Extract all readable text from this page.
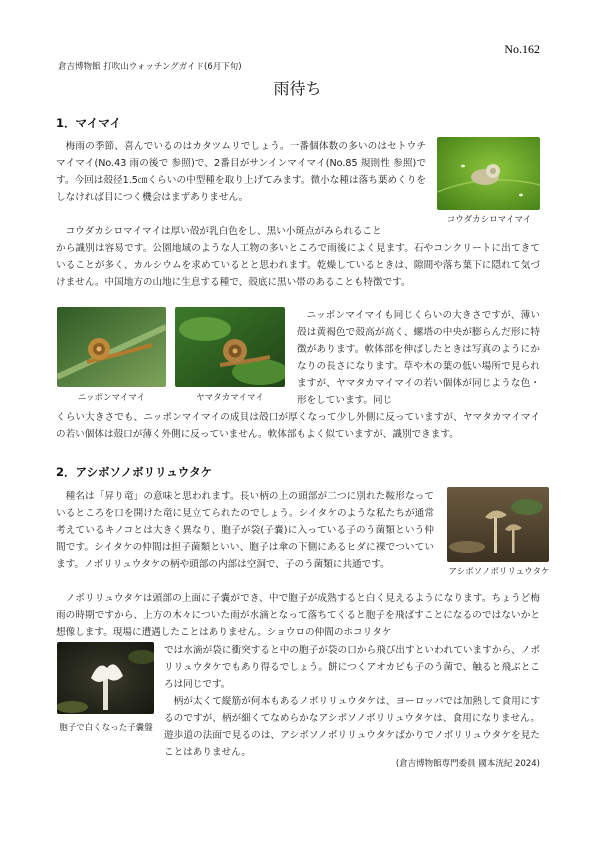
No.162
倉吉博物館 打吹山ウォッチングガイド(6月下旬)
雨待ち
1．マイマイ
梅雨の季節、喜んでいるのはカタツムリでしょう。一番個体数の多いのはセトウチマイマイ(No.43 雨の後で 参照)で、2番目がサンインマイマイ(No.85 規則性 参照)です。今回は殻径1.5㎝くらいの中型種を取り上げてみます。微小な種は落ち葉めくりをしなければ目につく機会はまずありません。
コウダカシロマイマイ
コウダカシロマイマイは厚い殻が乳白色をし、黒い小斑点がみられること
から識別は容易です。公園地域のような人工物の多いところで雨後によく見ます。石やコンクリートに出てきていることが多く、カルシウムを求めているとと思われます。乾燥しているときは、隙間や落ち葉下に隠れて気づけません。中国地方の山地に生息する種で、殻底に黒い帯のあることも特徴です。
ニッポンマイマイ	ヤマタカマイマイ
ニッポンマイマイも同じくらいの大きさですが、薄い殻は黄褐色で殻高が高く、螺塔の中央が膨らんだ形に特徴があります。軟体部を伸ばしたときは写真のようにかなりの長さになります。草や木の葉の低い場所で見られますが、ヤマタカマイマイの若い個体が同じような色・形をしています。同じ
くらい大きさでも、ニッポンマイマイの成貝は殻口が厚くなって少し外側に反っていますが、ヤマタカマイマイの若い個体は殻口が薄く外側に反っていません。軟体部もよく似ていますが、識別できます。
2．アシボソノボリリュウタケ
種名は「昇り竜」の意味と思われます。長い柄の上の頭部が二つに別れた鞍形なっているところを口を開けた竜に見立てられたのでしょう。シイタケのような私たちが通常考えているキノコとは大きく異なり、胞子が袋(子嚢)に入っている子のう菌類という仲間です。シイタケの仲間は担子菌類といい、胞子は傘の下側にあるヒダに裸でついています。ノボリリュウタケの柄や頭部の内部は空洞で、子のう菌類に共通です。
アシボソノボリリュウタケ
ノボリリュウタケは頭部の上面に子嚢ができ、中で胞子が成熟すると白く見えるようになります。ちょうど梅雨の時期ですから、上方の木々についた雨が水滴となって落ちてくると胞子を飛ばすことになるのではないかと想像します。現場に遭遇したことはありません。ショウロの仲間のホコリタケ
胞子で白くなった子嚢盤
では水滴が袋に衝突すると中の胞子が袋の口から飛び出すといわれていますから、ノボリリュウタケでもあり得るでしょう。餅につくアオカビも子のう菌で、触ると飛ぶところは同じです。
柄が太くて縦筋が何本もあるノボリリュウタケは、ヨーロッパでは加熱して食用にするのですが、柄が細くてなめらかなアシボソノボリリュウタケは、食用になりません。遊歩道の法面で見るのは、アシボソノボリリュウタケばかりでノボリリュウタケを見たことはありません。
(倉吉博物館専門委員 國本洸紀 2024)
